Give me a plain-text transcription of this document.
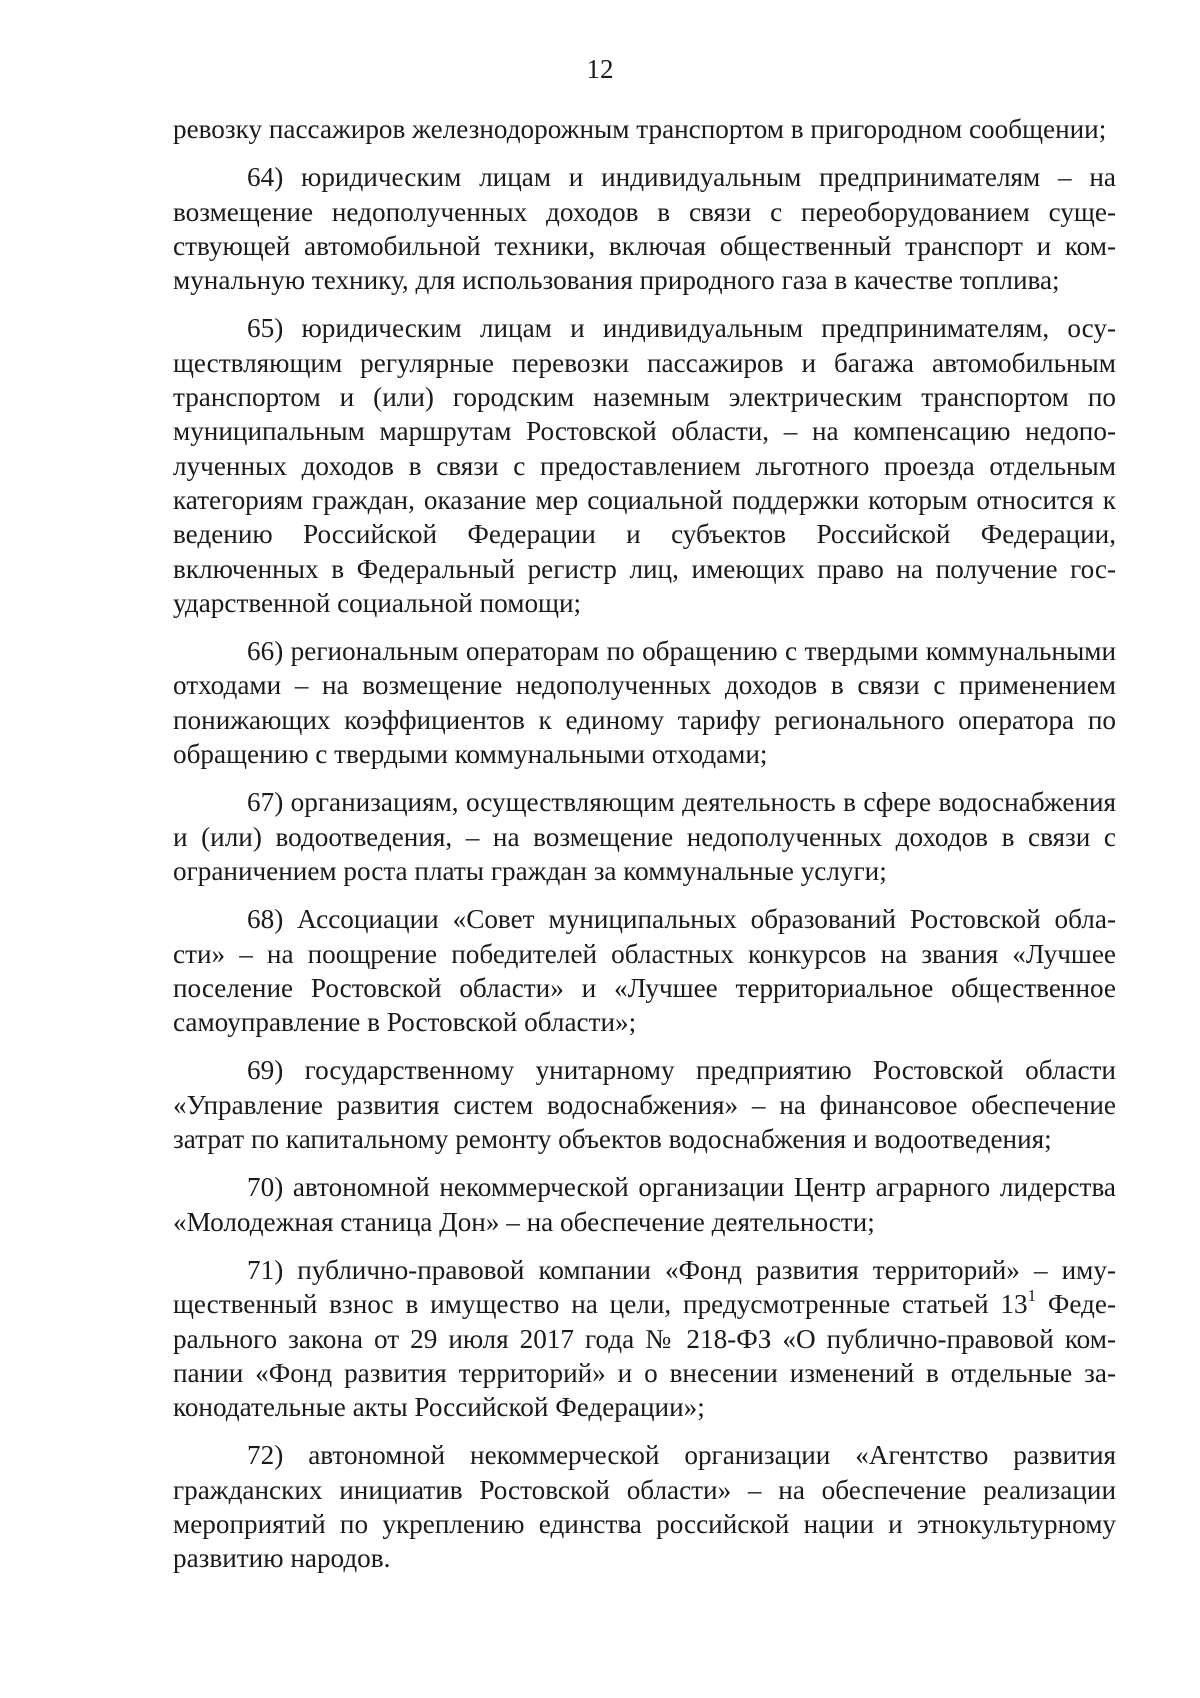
12

ревозку пассажиров железнодорожным транспортом в пригородном сообщении;

64) юридическим лицам и индивидуальным предпринимателям – на возмещение недополученных доходов в связи с переоборудованием существующей автомобильной техники, включая общественный транспорт и коммунальную технику, для использования природного газа в качестве топлива;

65) юридическим лицам и индивидуальным предпринимателям, осуществляющим регулярные перевозки пассажиров и багажа автомобильным транспортом и (или) городским наземным электрическим транспортом по муниципальным маршрутам Ростовской области, – на компенсацию недополученных доходов в связи с предоставлением льготного проезда отдельным категориям граждан, оказание мер социальной поддержки которым относится к ведению Российской Федерации и субъектов Российской Федерации, включенных в Федеральный регистр лиц, имеющих право на получение государственной социальной помощи;

66) региональным операторам по обращению с твердыми коммунальными отходами – на возмещение недополученных доходов в связи с применением понижающих коэффициентов к единому тарифу регионального оператора по обращению с твердыми коммунальными отходами;

67) организациям, осуществляющим деятельность в сфере водоснабжения и (или) водоотведения, – на возмещение недополученных доходов в связи с ограничением роста платы граждан за коммунальные услуги;

68) Ассоциации «Совет муниципальных образований Ростовской области» – на поощрение победителей областных конкурсов на звания «Лучшее поселение Ростовской области» и «Лучшее территориальное общественное самоуправление в Ростовской области»;

69) государственному унитарному предприятию Ростовской области «Управление развития систем водоснабжения» – на финансовое обеспечение затрат по капитальному ремонту объектов водоснабжения и водоотведения;

70) автономной некоммерческой организации Центр аграрного лидерства «Молодежная станица Дон» – на обеспечение деятельности;

71) публично-правовой компании «Фонд развития территорий» – имущественный взнос в имущество на цели, предусмотренные статьей $13^1$ Федерального закона от 29 июля 2017 года № 218-ФЗ «О публично-правовой компании «Фонд развития территорий» и о внесении изменений в отдельные законодательные акты Российской Федерации»;

72) автономной некоммерческой организации «Агентство развития гражданских инициатив Ростовской области» – на обеспечение реализации мероприятий по укреплению единства российской нации и этнокультурному развитию народов.
